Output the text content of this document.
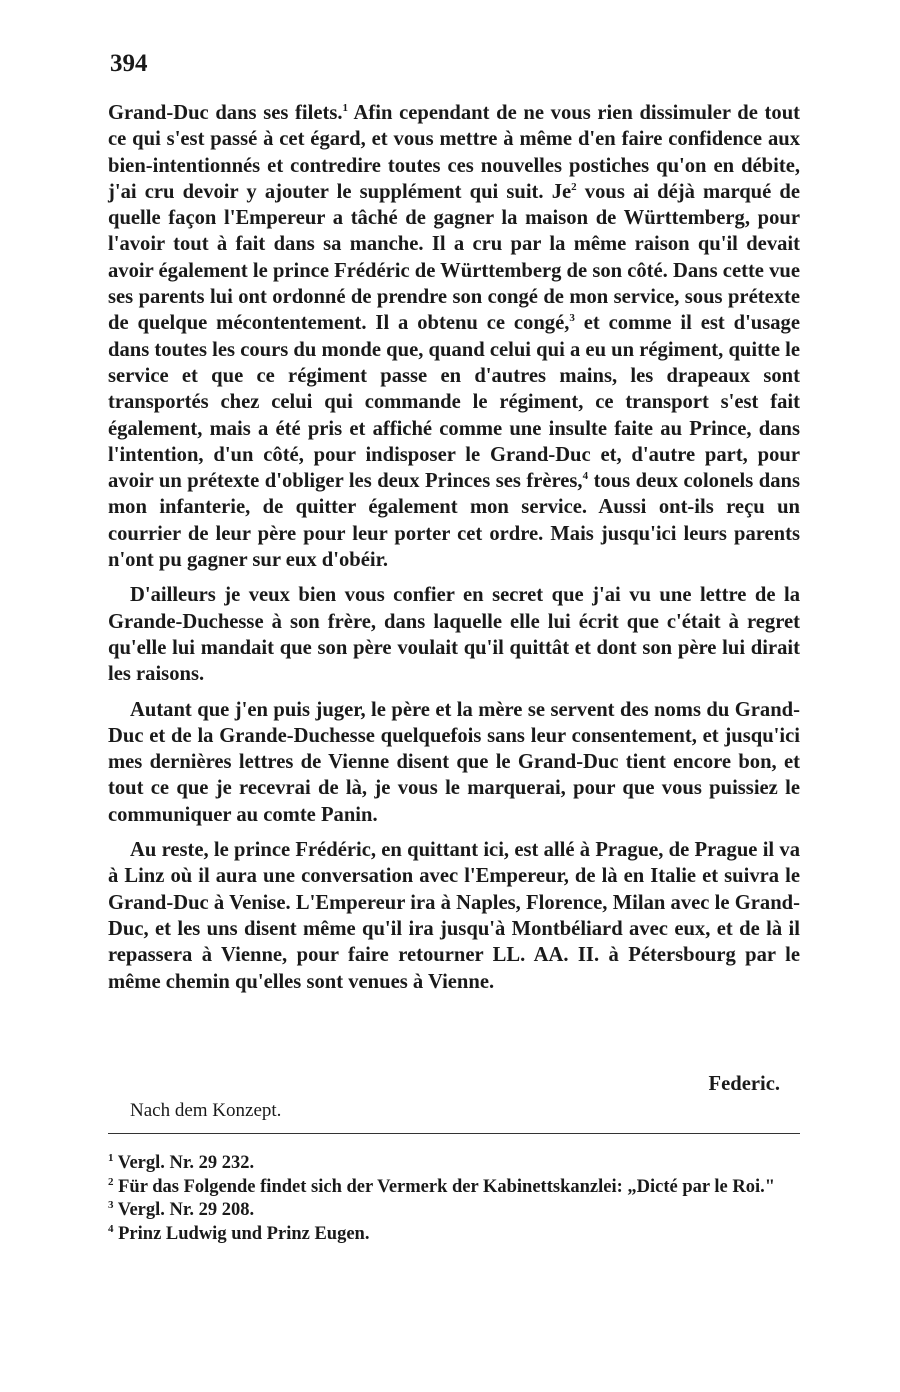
394

Grand-Duc dans ses filets.$^1$ Afin cependant de ne vous rien dissimuler de tout ce qui s'est passé à cet égard, et vous mettre à même d'en faire confidence aux bien-intentionnés et contredire toutes ces nouvelles postiches qu'on en débite, j'ai cru devoir y ajouter le supplément qui suit. Je$^2$ vous ai déjà marqué de quelle façon l'Empereur a tâché de gagner la maison de Württemberg, pour l'avoir tout à fait dans sa manche. Il a cru par la même raison qu'il devait avoir également le prince Frédéric de Württemberg de son côté. Dans cette vue ses parents lui ont ordonné de prendre son congé de mon service, sous prétexte de quelque mécontentement. Il a obtenu ce congé,$^3$ et comme il est d'usage dans toutes les cours du monde que, quand celui qui a eu un régiment, quitte le service et que ce régiment passe en d'autres mains, les drapeaux sont transportés chez celui qui commande le régiment, ce transport s'est fait également, mais a été pris et affiché comme une insulte faite au Prince, dans l'intention, d'un côté, pour indisposer le Grand-Duc et, d'autre part, pour avoir un prétexte d'obliger les deux Princes ses frères,$^4$ tous deux colonels dans mon infanterie, de quitter également mon service. Aussi ont-ils reçu un courrier de leur père pour leur porter cet ordre. Mais jusqu'ici leurs parents n'ont pu gagner sur eux d'obéir.

D'ailleurs je veux bien vous confier en secret que j'ai vu une lettre de la Grande-Duchesse à son frère, dans laquelle elle lui écrit que c'était à regret qu'elle lui mandait que son père voulait qu'il quittât et dont son père lui dirait les raisons.

Autant que j'en puis juger, le père et la mère se servent des noms du Grand-Duc et de la Grande-Duchesse quelquefois sans leur consentement, et jusqu'ici mes dernières lettres de Vienne disent que le Grand-Duc tient encore bon, et tout ce que je recevrai de là, je vous le marquerai, pour que vous puissiez le communiquer au comte Panin.

Au reste, le prince Frédéric, en quittant ici, est allé à Prague, de Prague il va à Linz où il aura une conversation avec l'Empereur, de là en Italie et suivra le Grand-Duc à Venise. L'Empereur ira à Naples, Florence, Milan avec le Grand-Duc, et les uns disent même qu'il ira jusqu'à Montbéliard avec eux, et de là il repassera à Vienne, pour faire retourner LL. AA. II. à Pétersbourg par le même chemin qu'elles sont venues à Vienne.

Federic.
Nach dem Konzept.

$^1$ Vergl. Nr. 29 232.

$^2$ Für das Folgende findet sich der Vermerk der Kabinettskanzlei: „Dicté par le Roi."

$^3$ Vergl. Nr. 29 208.

$^4$ Prinz Ludwig und Prinz Eugen.
